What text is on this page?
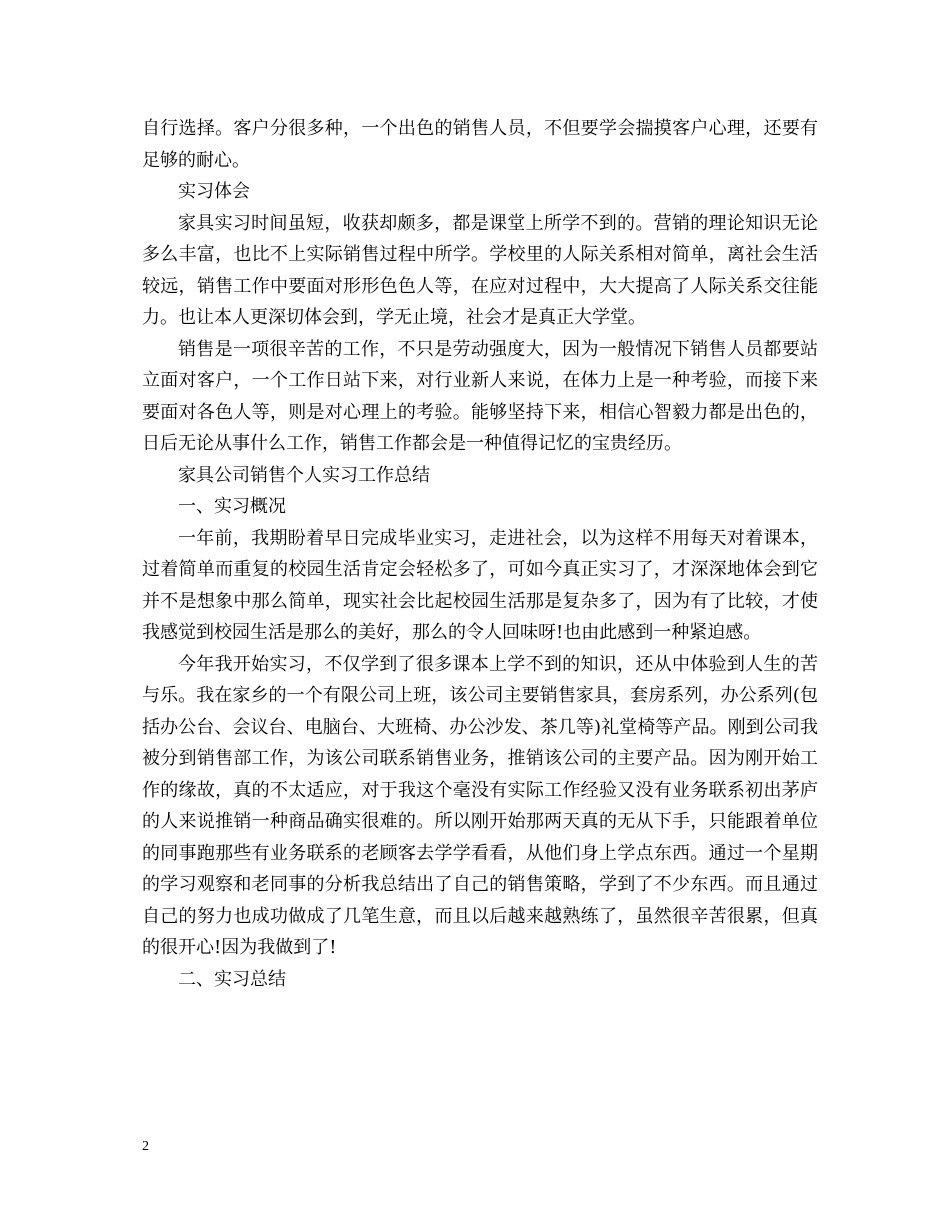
自行选择。客户分很多种，一个出色的销售人员，不但要学会揣摸客户心理，还要有足够的耐心。

实习体会

家具实习时间虽短，收获却颇多，都是课堂上所学不到的。营销的理论知识无论多么丰富，也比不上实际销售过程中所学。学校里的人际关系相对简单，离社会生活较远，销售工作中要面对形形色色人等，在应对过程中，大大提高了人际关系交往能力。也让本人更深切体会到，学无止境，社会才是真正大学堂。

销售是一项很辛苦的工作，不只是劳动强度大，因为一般情况下销售人员都要站立面对客户，一个工作日站下来，对行业新人来说，在体力上是一种考验，而接下来要面对各色人等，则是对心理上的考验。能够坚持下来，相信心智毅力都是出色的，日后无论从事什么工作，销售工作都会是一种值得记忆的宝贵经历。

家具公司销售个人实习工作总结

一、实习概况

一年前，我期盼着早日完成毕业实习，走进社会，以为这样不用每天对着课本，过着简单而重复的校园生活肯定会轻松多了，可如今真正实习了，才深深地体会到它并不是想象中那么简单，现实社会比起校园生活那是复杂多了，因为有了比较，才使我感觉到校园生活是那么的美好，那么的令人回味呀!也由此感到一种紧迫感。

今年我开始实习，不仅学到了很多课本上学不到的知识，还从中体验到人生的苦与乐。我在家乡的一个有限公司上班，该公司主要销售家具，套房系列，办公系列(包括办公台、会议台、电脑台、大班椅、办公沙发、茶几等)礼堂椅等产品。刚到公司我被分到销售部工作，为该公司联系销售业务，推销该公司的主要产品。因为刚开始工作的缘故，真的不太适应，对于我这个毫没有实际工作经验又没有业务联系初出茅庐的人来说推销一种商品确实很难的。所以刚开始那两天真的无从下手，只能跟着单位的同事跑那些有业务联系的老顾客去学学看看，从他们身上学点东西。通过一个星期的学习观察和老同事的分析我总结出了自己的销售策略，学到了不少东西。而且通过自己的努力也成功做成了几笔生意，而且以后越来越熟练了，虽然很辛苦很累，但真的很开心!因为我做到了!

二、实习总结

2
